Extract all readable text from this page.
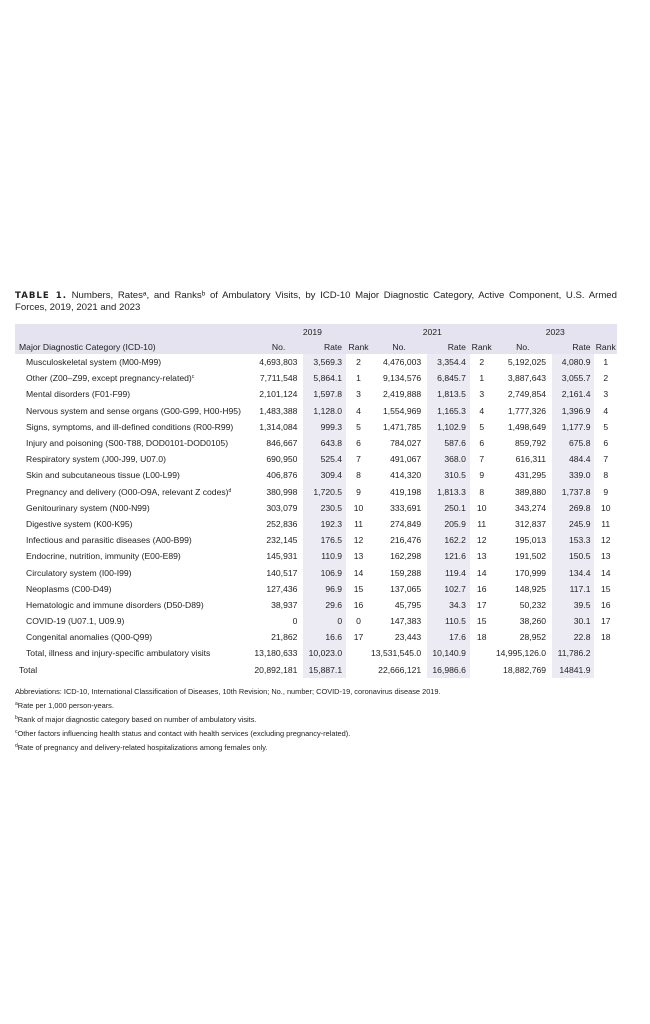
TABLE 1. Numbers, Ratesᵃ, and Ranksᵇ of Ambulatory Visits, by ICD-10 Major Diagnostic Category, Active Component, U.S. Armed Forces, 2019, 2021 and 2023

	2019			2021			2023		
Major Diagnostic Category (ICD-10)	No.	Rate	Rank	No.	Rate	Rank	No.	Rate	Rank
Musculoskeletal system (M00-M99)	4,693,803	3,569.3	2	4,476,003	3,354.4	2	5,192,025	4,080.9	1
Other (Z00–Z99, except pregnancy-related)$^c$	7,711,548	5,864.1	1	9,134,576	6,845.7	1	3,887,643	3,055.7	2
Mental disorders (F01-F99)	2,101,124	1,597.8	3	2,419,888	1,813.5	3	2,749,854	2,161.4	3
Nervous system and sense organs (G00-G99, H00-H95)	1,483,388	1,128.0	4	1,554,969	1,165.3	4	1,777,326	1,396.9	4
Signs, symptoms, and ill-defined conditions (R00-R99)	1,314,084	999.3	5	1,471,785	1,102.9	5	1,498,649	1,177.9	5
Injury and poisoning (S00-T88, DOD0101-DOD0105)	846,667	643.8	6	784,027	587.6	6	859,792	675.8	6
Respiratory system (J00-J99, U07.0)	690,950	525.4	7	491,067	368.0	7	616,311	484.4	7
Skin and subcutaneous tissue (L00-L99)	406,876	309.4	8	414,320	310.5	9	431,295	339.0	8
Pregnancy and delivery (O00-O9A, relevant Z codes)$^d$	380,998	1,720.5	9	419,198	1,813.3	8	389,880	1,737.8	9
Genitourinary system (N00-N99)	303,079	230.5	10	333,691	250.1	10	343,274	269.8	10
Digestive system (K00-K95)	252,836	192.3	11	274,849	205.9	11	312,837	245.9	11
Infectious and parasitic diseases (A00-B99)	232,145	176.5	12	216,476	162.2	12	195,013	153.3	12
Endocrine, nutrition, immunity (E00-E89)	145,931	110.9	13	162,298	121.6	13	191,502	150.5	13
Circulatory system (I00-I99)	140,517	106.9	14	159,288	119.4	14	170,999	134.4	14
Neoplasms (C00-D49)	127,436	96.9	15	137,065	102.7	16	148,925	117.1	15
Hematologic and immune disorders (D50-D89)	38,937	29.6	16	45,795	34.3	17	50,232	39.5	16
COVID-19 (U07.1, U09.9)	0	0	0	147,383	110.5	15	38,260	30.1	17
Congenital anomalies (Q00-Q99)	21,862	16.6	17	23,443	17.6	18	28,952	22.8	18
Total, illness and injury-specific ambulatory visits	13,180,633	10,023.0		13,531,545.0	10,140.9		14,995,126.0	11,786.2	
Total	20,892,181	15,887.1		22,666,121	16,986.6		18,882,769	14841.9	
Abbreviations: ICD-10, International Classification of Diseases, 10th Revision; No., number; COVID-19, coronavirus disease 2019.
$^a$Rate per 1,000 person-years.
$^b$Rank of major diagnostic category based on number of ambulatory visits.
$^c$Other factors influencing health status and contact with health services (excluding pregnancy-related).
$^d$Rate of pregnancy and delivery-related hospitalizations among females only.
